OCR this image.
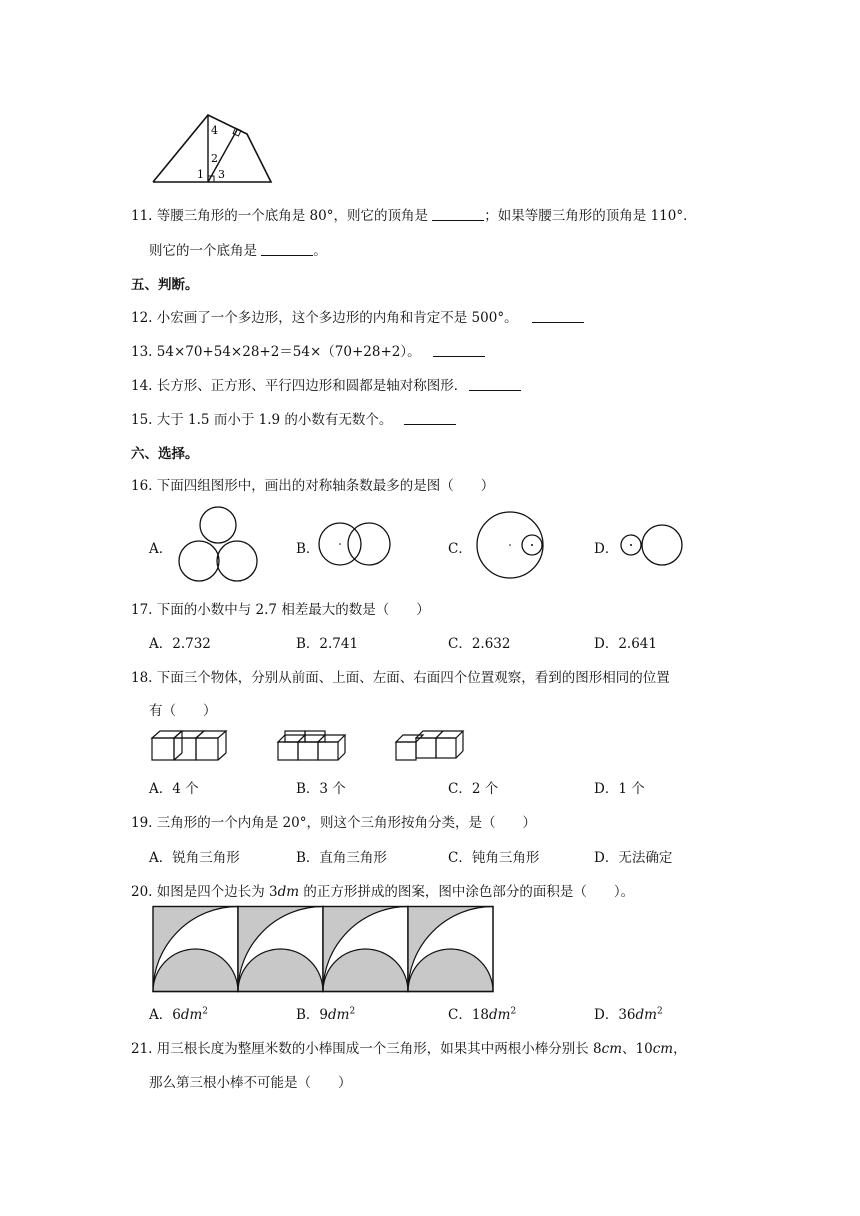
4
2
1 3
11. 等腰三角形的一个底角是 80°，则它的顶角是	；如果等腰三角形的顶角是 110°．
则它的一个底角是	。
五、判断。
12. 小宏画了一个多边形，这个多边形的内角和肯定不是 500°。
13. 54×70+54×28+2＝54×（70+28+2）。
14. 长方形、正方形、平行四边形和圆都是轴对称图形．
15. 大于 1.5 而小于 1.9 的小数有无数个。
六、选择。
16. 下面四组图形中，画出的对称轴条数最多的是图（　　）
A．	B．	C．	D．
17. 下面的小数中与 2.7 相差最大的数是（　　）
A．2.732	B．2.741	C．2.632	D．2.641
18. 下面三个物体，分别从前面、上面、左面、右面四个位置观察，看到的图形相同的位置
有（　　）
A．4 个	B．3 个	C．2 个	D．1 个
19. 三角形的一个内角是 20°，则这个三角形按角分类，是（　　）
A．锐角三角形	B．直角三角形	C．钝角三角形	D．无法确定
20. 如图是四个边长为 3dm 的正方形拼成的图案，图中涂色部分的面积是（　　）。
A．$6dm^2$	B．$9dm^2$	C．$18dm^2$	D．$36dm^2$
21. 用三根长度为整厘米数的小棒围成一个三角形，如果其中两根小棒分别长 8cm、10cm，
那么第三根小棒不可能是（　　）
